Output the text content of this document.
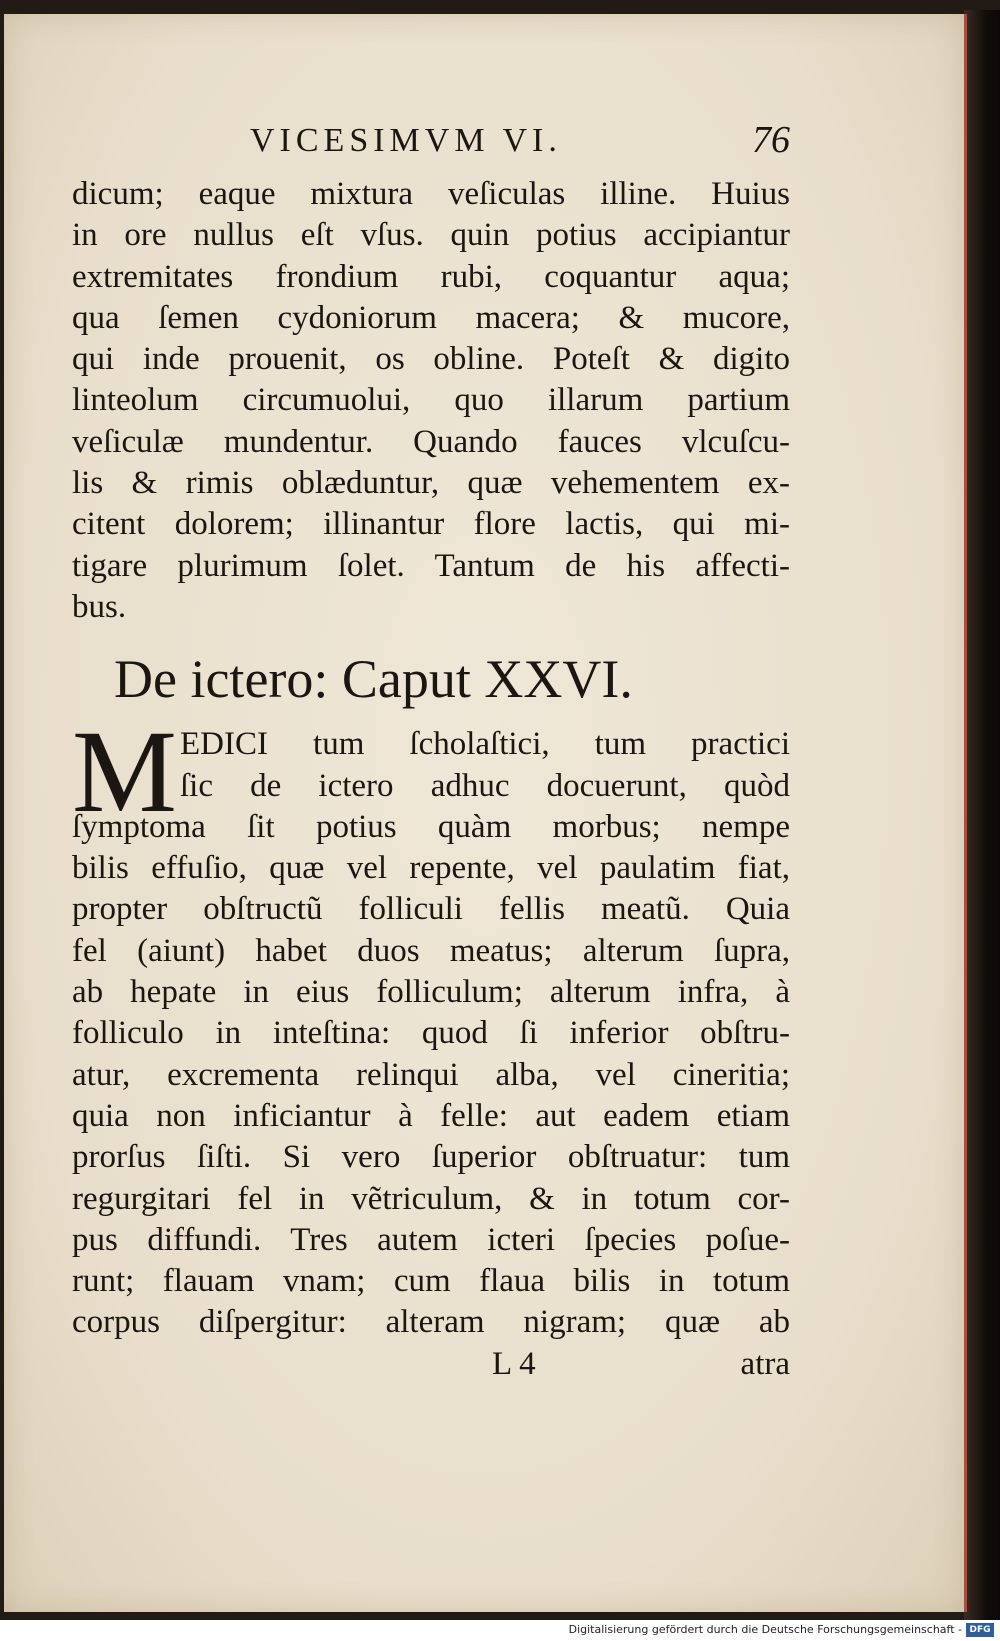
VICESIMVM VI.	76
dicum; eaque mixtura veſiculas illine. Huius
in ore nullus eſt vſus. quin potius accipiantur
extremitates frondium rubi, coquantur aqua;
qua ſemen cydoniorum macera; & mucore,
qui inde prouenit, os obline. Poteſt & digito
linteolum circumuolui, quo illarum partium
veſiculæ mundentur. Quando fauces vlcuſcu-
lis & rimis oblæduntur, quæ vehementem ex-
citent dolorem; illinantur flore lactis, qui mi-
tigare plurimum ſolet. Tantum de his affecti-
bus.
De ictero: Caput XXVI.
M EDICI tum ſcholaſtici, tum practici
ſic de ictero adhuc docuerunt, quòd
ſymptoma ſit potius quàm morbus; nempe
bilis effuſio, quæ vel repente, vel paulatim fiat,
propter obſtructũ folliculi fellis meatũ. Quia
fel (aiunt) habet duos meatus; alterum ſupra,
ab hepate in eius folliculum; alterum infra, à
folliculo in inteſtina: quod ſi inferior obſtru-
atur, excrementa relinqui alba, vel cineritia;
quia non inficiantur à felle: aut eadem etiam
prorſus ſiſti. Si vero ſuperior obſtruatur: tum
regurgitari fel in vẽtriculum, & in totum cor-
pus diffundi. Tres autem icteri ſpecies poſue-
runt; flauam vnam; cum flaua bilis in totum
corpus diſpergitur: alteram nigram; quæ ab
L 4	atra
Digitalisierung gefördert durch die Deutsche Forschungsgemeinschaft - DFG
